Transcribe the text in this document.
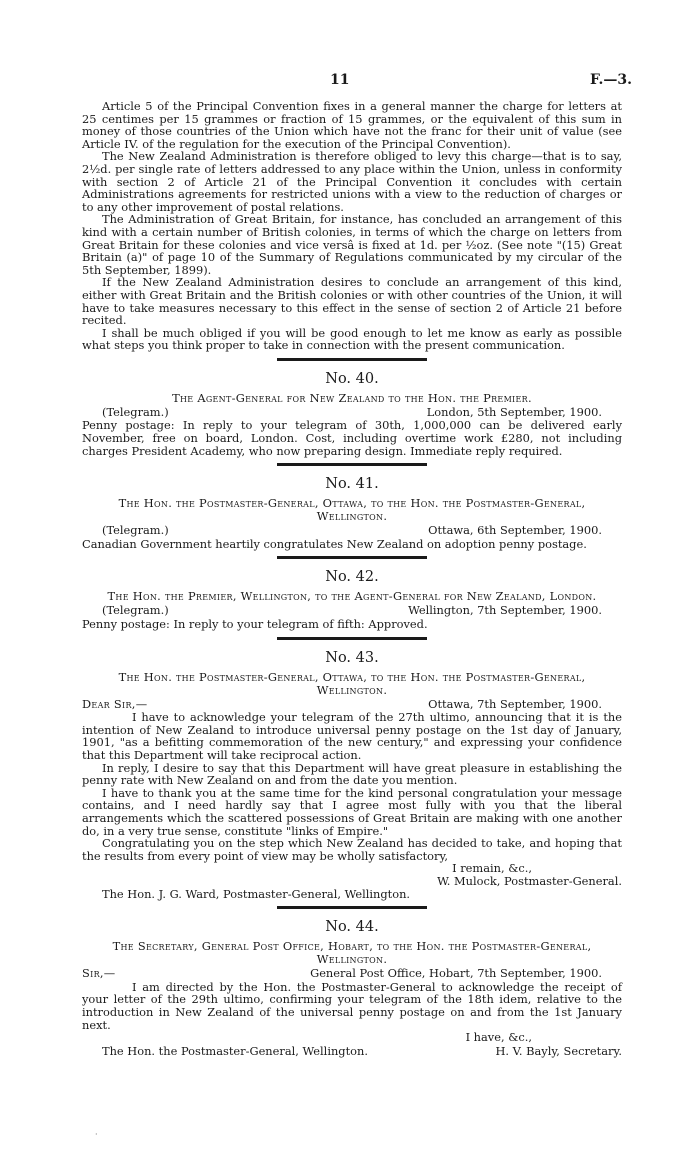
11	F.—3.

Article 5 of the Principal Convention fixes in a general manner the charge for letters at 25 centimes per 15 grammes or fraction of 15 grammes, or the equivalent of this sum in money of those countries of the Union which have not the franc for their unit of value (see Article IV. of the regulation for the execution of the Principal Convention).

The New Zealand Administration is therefore obliged to levy this charge—that is to say, 2½d. per single rate of letters addressed to any place within the Union, unless in conformity with section 2 of Article 21 of the Principal Convention it concludes with certain Administrations agreements for restricted unions with a view to the reduction of charges or to any other improvement of postal relations.

The Administration of Great Britain, for instance, has concluded an arrangement of this kind with a certain number of British colonies, in terms of which the charge on letters from Great Britain for these colonies and vice versâ is fixed at 1d. per ½oz. (See note "(15) Great Britain (a)" of page 10 of the Summary of Regulations communicated by my circular of the 5th September, 1899).

If the New Zealand Administration desires to conclude an arrangement of this kind, either with Great Britain and the British colonies or with other countries of the Union, it will have to take measures necessary to this effect in the sense of section 2 of Article 21 before recited.

I shall be much obliged if you will be good enough to let me know as early as possible what steps you think proper to take in connection with the present communication.

No. 40.

The Agent-General for New Zealand to the Hon. the Premier.

(Telegram.)	London, 5th September, 1900.

Penny postage: In reply to your telegram of 30th, 1,000,000 can be delivered early November, free on board, London. Cost, including overtime work £280, not including charges President Academy, who now preparing design. Immediate reply required.

No. 41.

The Hon. the Postmaster-General, Ottawa, to the Hon. the Postmaster-General, Wellington.

(Telegram.)	Ottawa, 6th September, 1900.

Canadian Government heartily congratulates New Zealand on adoption penny postage.

No. 42.

The Hon. the Premier, Wellington, to the Agent-General for New Zealand, London.

(Telegram.)	Wellington, 7th September, 1900.

Penny postage: In reply to your telegram of fifth: Approved.

No. 43.

The Hon. the Postmaster-General, Ottawa, to the Hon. the Postmaster-General, Wellington.

Dear Sir,—	Ottawa, 7th September, 1900.

I have to acknowledge your telegram of the 27th ultimo, announcing that it is the intention of New Zealand to introduce universal penny postage on the 1st day of January, 1901, "as a befitting commemoration of the new century," and expressing your confidence that this Department will take reciprocal action.

In reply, I desire to say that this Department will have great pleasure in establishing the penny rate with New Zealand on and from the date you mention.

I have to thank you at the same time for the kind personal congratulation your message contains, and I need hardly say that I agree most fully with you that the liberal arrangements which the scattered possessions of Great Britain are making with one another do, in a very true sense, constitute "links of Empire."

Congratulating you on the step which New Zealand has decided to take, and hoping that the results from every point of view may be wholly satisfactory,

I remain, &c.,

W. Mulock, Postmaster-General.

The Hon. J. G. Ward, Postmaster-General, Wellington.

No. 44.

The Secretary, General Post Office, Hobart, to the Hon. the Postmaster-General, Wellington.

Sir,—	General Post Office, Hobart, 7th September, 1900.

I am directed by the Hon. the Postmaster-General to acknowledge the receipt of your letter of the 29th ultimo, confirming your telegram of the 18th idem, relative to the introduction in New Zealand of the universal penny postage on and from the 1st January next.

I have, &c.,

The Hon. the Postmaster-General, Wellington.	H. V. Bayly, Secretary.
·
